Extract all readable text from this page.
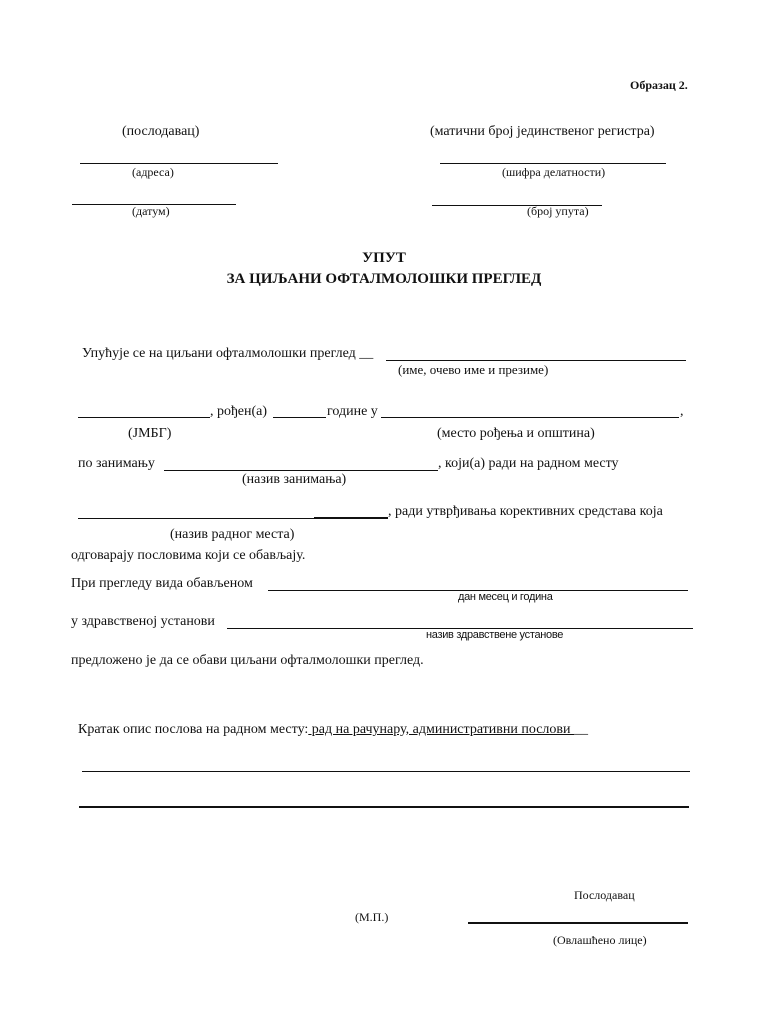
Образац 2.
(послодавац)	(матични број јединственог регистра)
(адреса)	(шифра делатности)
(датум)	(број упута)
УПУТ
ЗА ЦИЉАНИ ОФТАЛМОЛОШКИ ПРЕГЛЕД
Упућује се на циљани офталмолошки преглед __
(име, очево име и презиме)
, рођен(а)	године у	,
(ЈМБГ)	(место рођења и општина)
по занимању	, који(а) ради на радном месту
(назив занимања)
, ради утврђивања корективних средстава која
(назив радног места)
одговарају пословима који се обављају.
При прегледу вида обављеном
дан месец и година
у здравственој установи
назив здравствене установе
предложено је да се обави циљани офталмолошки преглед.
Кратак опис послова на радном месту: рад на рачунару, административни послови __
Послодавац
(М.П.)
(Овлашћено лице)
